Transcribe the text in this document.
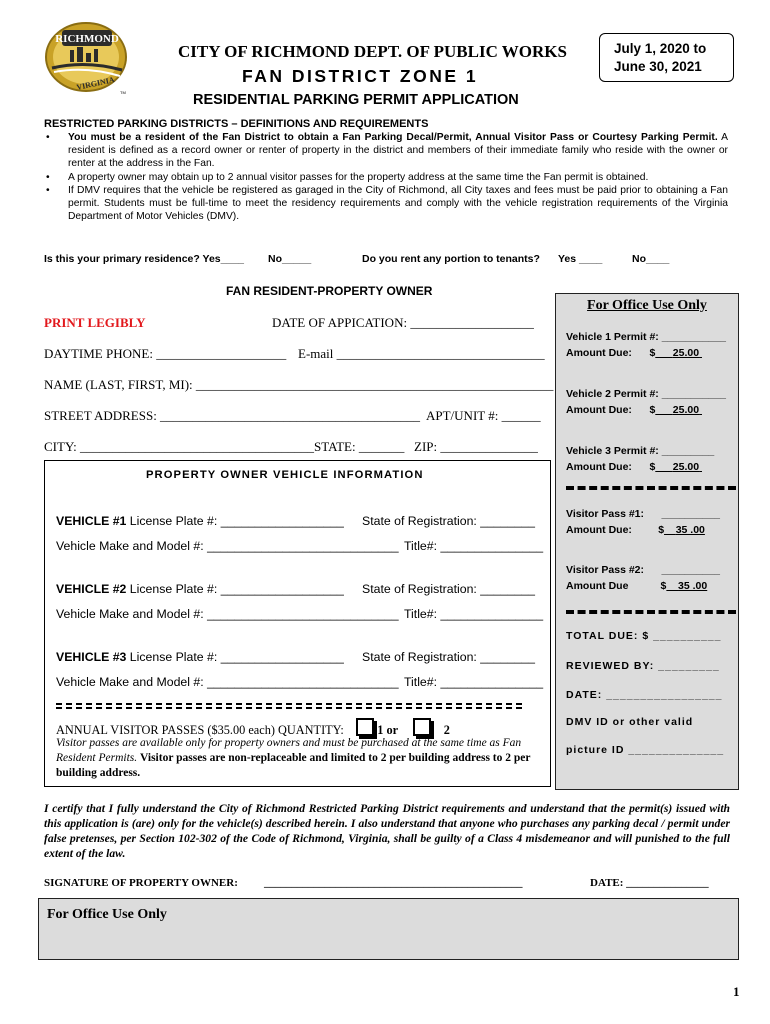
RICHMOND
VIRGINIA
TM
CITY OF RICHMOND DEPT. OF PUBLIC WORKS
FAN DISTRICT ZONE 1
July 1, 2020 to
June 30, 2021
RESIDENTIAL PARKING PERMIT APPLICATION
RESTRICTED PARKING DISTRICTS – DEFINITIONS AND REQUIREMENTS
• You must be a resident of the Fan District to obtain a Fan Parking Decal/Permit, Annual Visitor Pass or Courtesy Parking Permit. A resident is defined as a record owner or renter of property in the district and members of their immediate family who reside with the owner or renter at the address in the Fan.
• A property owner may obtain up to 2 annual visitor passes for the property address at the same time the Fan permit is obtained.
• If DMV requires that the vehicle be registered as garaged in the City of Richmond, all City taxes and fees must be paid prior to obtaining a Fan permit. Students must be full-time to meet the residency requirements and comply with the vehicle registration requirements of the Virginia Department of Motor Vehicles (DMV).
Is this your primary residence? Yes____ No_____	Do you rent any portion to tenants? Yes ____	No____
FAN RESIDENT-PROPERTY OWNER
PRINT LEGIBLY	DATE OF APPICATION: ___________________
DAYTIME PHONE: ____________________ E-mail ________________________________
NAME (LAST, FIRST, MI): _______________________________________________________
STREET ADDRESS: ________________________________________ APT/UNIT #: ______
CITY: ____________________________________STATE: _______ ZIP: _______________
For Office Use Only
Vehicle 1 Permit #: ___________
Amount Due: $ 25.00
Vehicle 2 Permit #: ___________
Amount Due: $ 25.00
Vehicle 3 Permit #: _________
Amount Due: $ 25.00
Visitor Pass #1: __________
Amount Due:	$ 35 .00
Visitor Pass #2: __________
Amount Due	$ 35 .00
TOTAL DUE: $ __________
REVIEWED BY: _________
DATE: _________________
DMV ID or other valid
picture ID ______________
PROPERTY OWNER VEHICLE INFORMATION
VEHICLE #1 License Plate #: __________________ State of Registration: ________
Vehicle Make and Model #: ____________________________ Title#: _______________
VEHICLE #2 License Plate #: __________________ State of Registration: ________
Vehicle Make and Model #: ____________________________ Title#: _______________
VEHICLE #3 License Plate #: __________________ State of Registration: ________
Vehicle Make and Model #: ____________________________ Title#: _______________
ANNUAL VISITOR PASSES ($35.00 each) QUANTITY:	1 or	2
Visitor passes are available only for property owners and must be purchased at the same time as Fan Resident Permits. Visitor passes are non-replaceable and limited to 2 per building address to 2 per building address.
I certify that I fully understand the City of Richmond Restricted Parking District requirements and understand that the permit(s) issued with this application is (are) only for the vehicle(s) described herein. I also understand that anyone who purchases any parking decal / permit under false pretenses, per Section 102-302 of the Code of Richmond, Virginia, shall be guilty of a Class 4 misdemeanor and will punished to the full extent of the law.
SIGNATURE OF PROPERTY OWNER: _______________________________________________	DATE: _______________
For Office Use Only
1
